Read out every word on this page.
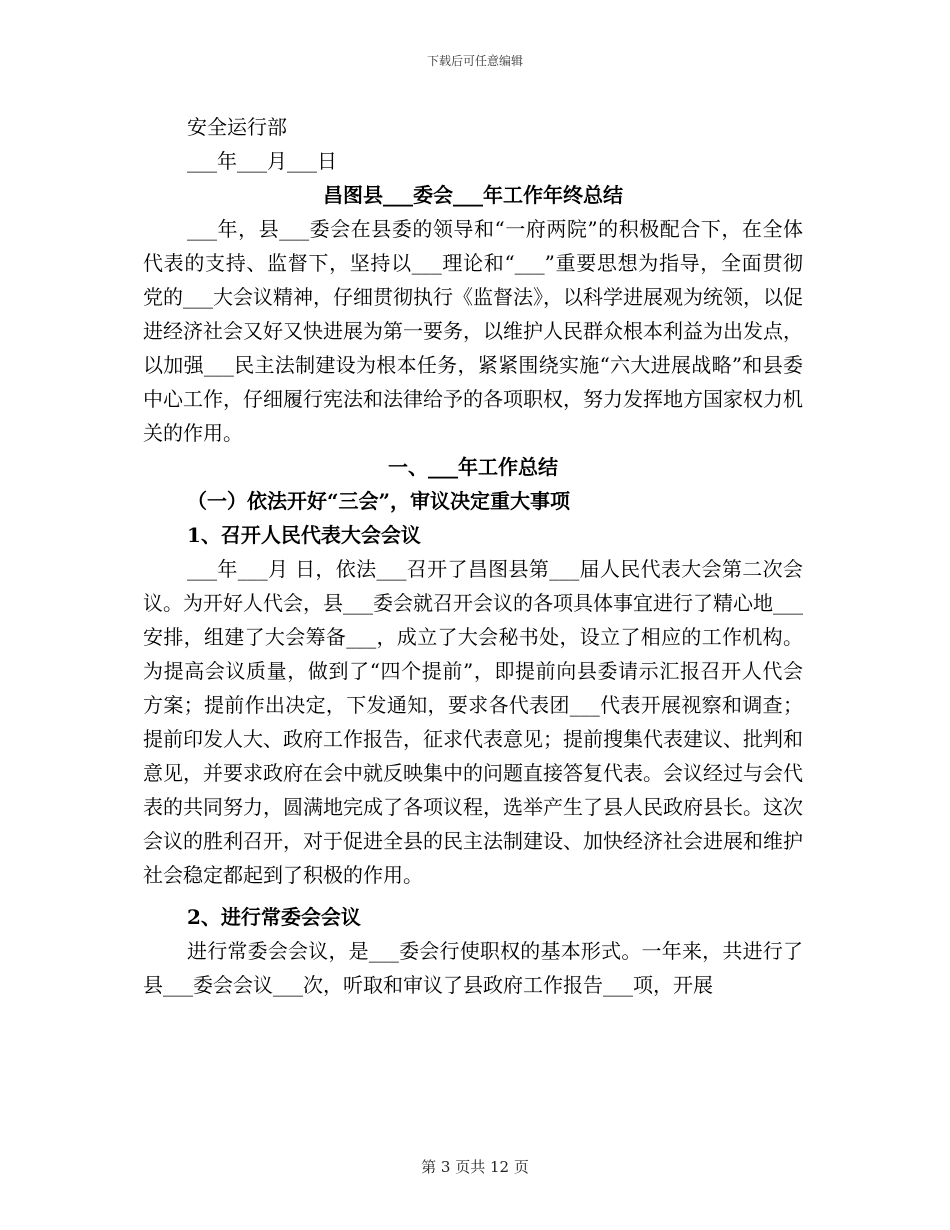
下载后可任意编辑
安全运行部
___年___月___日
昌图县___委会___年工作年终总结

___年，县___委会在县委的领导和“一府两院”的积极配合下，在全体代表的支持、监督下，坚持以___理论和“___”重要思想为指导，全面贯彻党的___大会议精神，仔细贯彻执行《监督法》，以科学进展观为统领，以促进经济社会又好又快进展为第一要务，以维护人民群众根本利益为出发点，以加强___民主法制建设为根本任务，紧紧围绕实施“六大进展战略”和县委中心工作，仔细履行宪法和法律给予的各项职权，努力发挥地方国家权力机关的作用。

一、___年工作总结
（一）依法开好“三会”，审议决定重大事项
1、召开人民代表大会会议

___年___月 日，依法___召开了昌图县第___届人民代表大会第二次会议。为开好人代会，县___委会就召开会议的各项具体事宜进行了精心地___安排，组建了大会筹备___，成立了大会秘书处，设立了相应的工作机构。为提高会议质量，做到了“四个提前”，即提前向县委请示汇报召开人代会方案；提前作出决定，下发通知，要求各代表团___代表开展视察和调查；提前印发人大、政府工作报告，征求代表意见；提前搜集代表建议、批判和意见，并要求政府在会中就反映集中的问题直接答复代表。会议经过与会代表的共同努力，圆满地完成了各项议程，选举产生了县人民政府县长。这次会议的胜利召开，对于促进全县的民主法制建设、加快经济社会进展和维护社会稳定都起到了积极的作用。

2、进行常委会会议

进行常委会会议，是___委会行使职权的基本形式。一年来，共进行了县___委会会议___次，听取和审议了县政府工作报告___项，开展

第 3 页共 12 页
